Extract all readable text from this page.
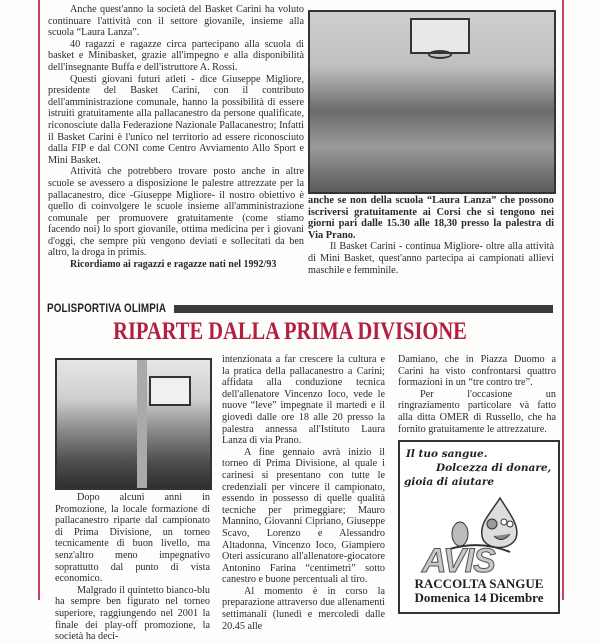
Anche quest'anno la società del Basket Carini ha voluto continuare l'attività con il settore giovanile, insieme alla scuola “Laura Lanza”.

40 ragazzi e ragazze circa partecipano alla scuola di basket e Minibasket, grazie all'impegno e alla disponibilità dell'insegnante Buffa e dell'istruttore A. Rossi.

Questi giovani futuri atleti - dice Giuseppe Migliore, presidente del Basket Carini, con il contributo dell'amministrazione comunale, hanno la possibilità di essere istruiti gratuitamente alla pallacanestro da persone qualificate, riconosciute dalla Federazione Nazionale Pallacanestro; Infatti il Basket Carini è l'unico nel territorio ad essere riconosciuto dalla FIP e dal CONI come Centro Avviamento Allo Sport e Mini Basket.

Attività che potrebbero trovare posto anche in altre scuole se avessero a disposizione le palestre attrezzate per la pallacanestro, dice -Giuseppe Migliore- il nostro obiettivo è quello di coinvolgere le scuole insieme all'amministrazione comunale per promuovere gratuitamente (come stiamo facendo noi) lo sport giovanile, ottima medicina per i giovani d'oggi, che sempre più vengono deviati e sollecitati da ben altro, la droga in primis.

Ricordiamo ai ragazzi e ragazze nati nel 1992/93

anche se non della scuola “Laura Lanza” che possono iscriversi gratuitamente ai Corsi che si tengono nei giorni pari dalle 15.30 alle 18,30 presso la palestra di Via Prano.

Il Basket Carini - continua Migliore- oltre alla attività di Mini Basket, quest'anno partecipa ai campionati allievi maschile e femminile.

POLISPORTIVA OLIMPIA
RIPARTE DALLA PRIMA DIVISIONE

Dopo alcuni anni in Promozione, la locale formazione di pallacanestro riparte dal campionato di Prima Divisione, un torneo tecnicamente di buon livello, ma senz'altro meno impegnativo soprattutto dal punto di vista economico.

Malgrado il quintetto bianco-blu ha sempre ben figurato nel torneo superiore, raggiungendo nel 2001 la finale dei play-off promozione, la società ha deci-

intenzionata a far crescere la cultura e la pratica della pallacanestro a Carini; affidata alla conduzione tecnica dell'allenatore Vincenzo Ioco, vede le nuove “leve” impegnate il martedì e il giovedì dalle ore 18 alle 20 presso la palestra annessa all'Istituto Laura Lanza di via Prano.

A fine gennaio avrà inizio il torneo di Prima Divisione, al quale i carinesi si presentano con tutte le credenziali per vincere il campionato, essendo in possesso di quelle qualità tecniche per primeggiare; Mauro Mannino, Giovanni Cipriano, Giuseppe Scavo, Lorenzo e Alessandro Altadonna, Vincenzo Ioco, Giampiero Oteri assicurano all'allenatore-giocatore Antonino Farina “centimetri” sotto canestro e buone percentuali al tiro.

Al momento è in corso la preparazione attraverso due allenamenti settimanali (lunedì e mercoledì dalle 20.45 alle

Damiano, che in Piazza Duomo a Carini ha visto confrontarsi quattro formazioni in un “tre contro tre”.

Per l'occasione un ringraziamento particolare và fatto alla ditta OMER di Russello, che ha fornito gratuitamente le attrezzature.

Il tuo sangue.
Dolcezza di donare,
gioia di aiutare
AVIS
RACCOLTA SANGUE
Domenica 14 Dicembre
